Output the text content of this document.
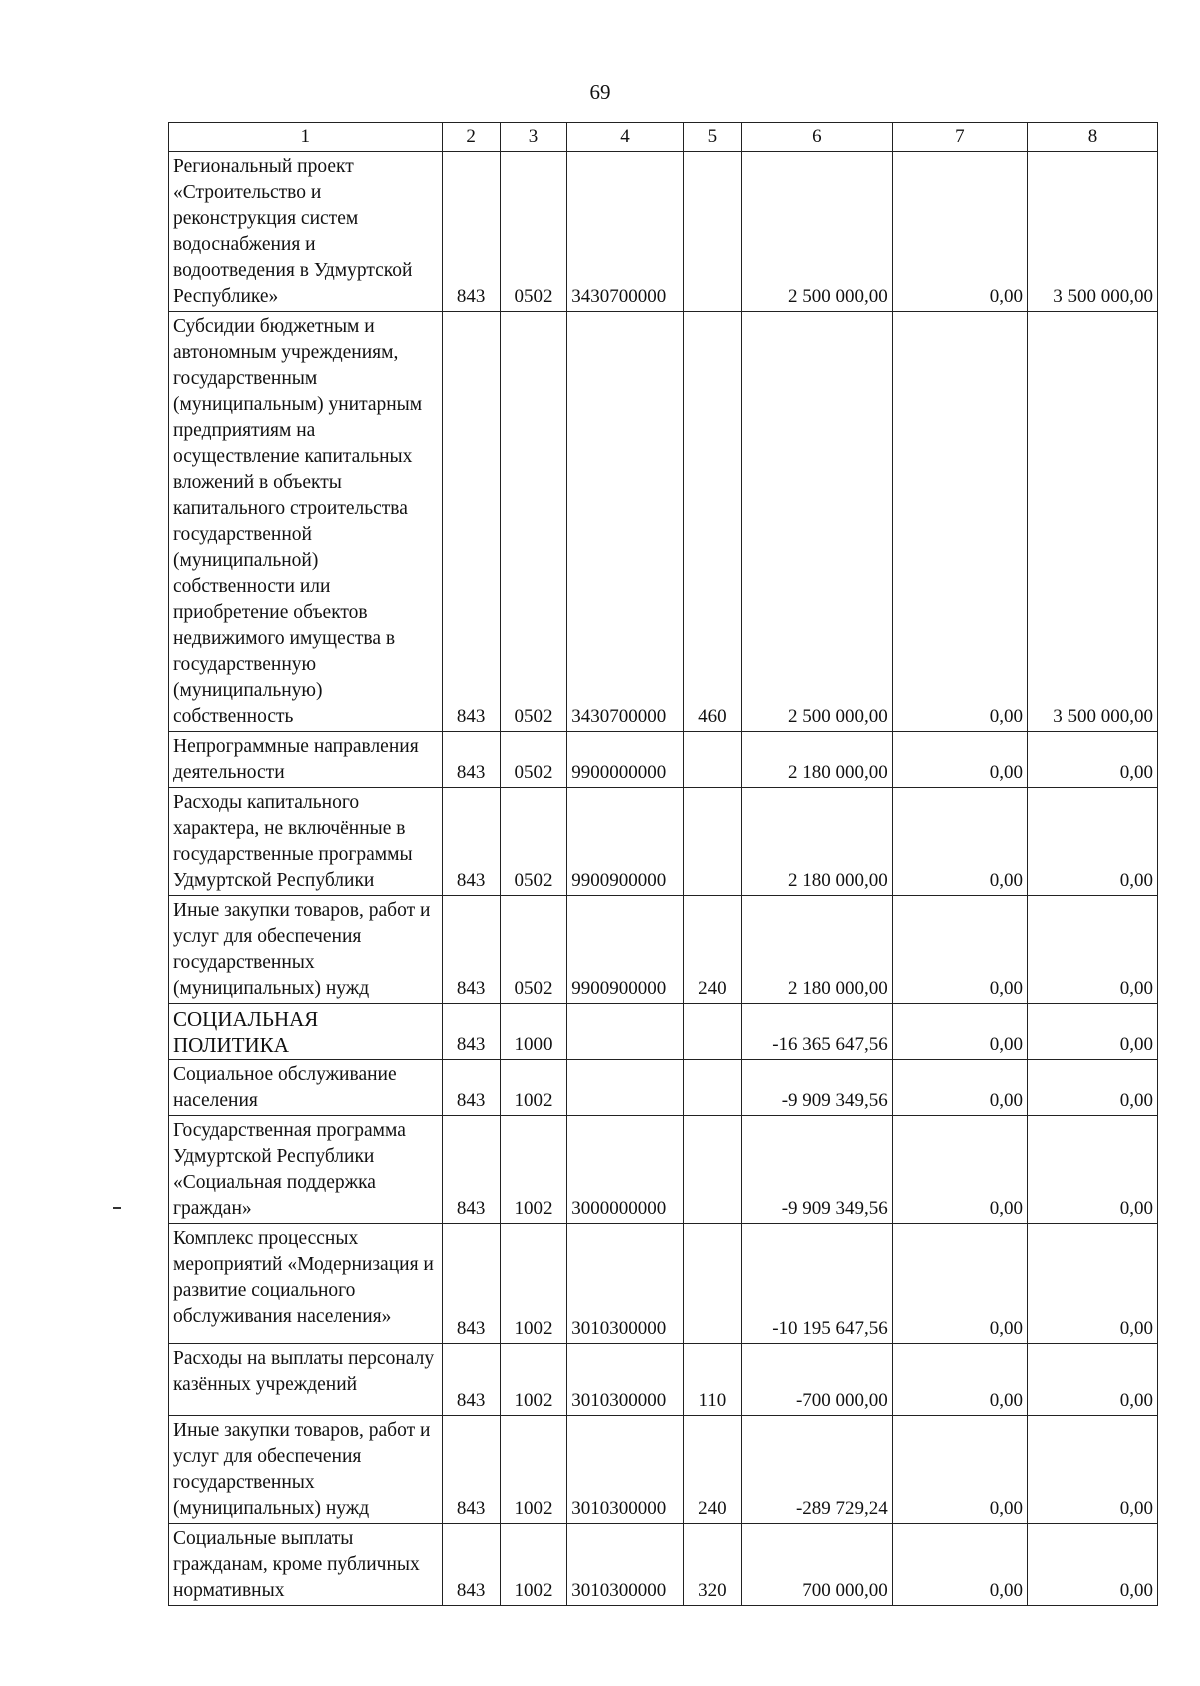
69
1	2	3	4	5	6	7	8
Региональный проект «Строительство и реконструкция систем водоснабжения и водоотведения в Удмуртской Республике»	843	0502	3430700000		2 500 000,00	0,00	3 500 000,00
Субсидии бюджетным и автономным учреждениям, государственным (муниципальным) унитарным предприятиям на осуществление капитальных вложений в объекты капитального строительства государственной (муниципальной) собственности или приобретение объектов недвижимого имущества в государственную (муниципальную) собственность	843	0502	3430700000	460	2 500 000,00	0,00	3 500 000,00
Непрограммные направления деятельности	843	0502	9900000000		2 180 000,00	0,00	0,00
Расходы капитального характера, не включённые в государственные программы Удмуртской Республики	843	0502	9900900000		2 180 000,00	0,00	0,00
Иные закупки товаров, работ и услуг для обеспечения государственных (муниципальных) нужд	843	0502	9900900000	240	2 180 000,00	0,00	0,00
СОЦИАЛЬНАЯ ПОЛИТИКА	843	1000			-16 365 647,56	0,00	0,00
Социальное обслуживание населения	843	1002			-9 909 349,56	0,00	0,00
Государственная программа Удмуртской Республики «Социальная поддержка граждан»	843	1002	3000000000		-9 909 349,56	0,00	0,00
Комплекс процессных мероприятий «Модернизация и развитие социального обслуживания населения»	843	1002	3010300000		-10 195 647,56	0,00	0,00
Расходы на выплаты персоналу казённых учреждений	843	1002	3010300000	110	-700 000,00	0,00	0,00
Иные закупки товаров, работ и услуг для обеспечения государственных (муниципальных) нужд	843	1002	3010300000	240	-289 729,24	0,00	0,00
Социальные выплаты гражданам, кроме публичных нормативных	843	1002	3010300000	320	700 000,00	0,00	0,00
